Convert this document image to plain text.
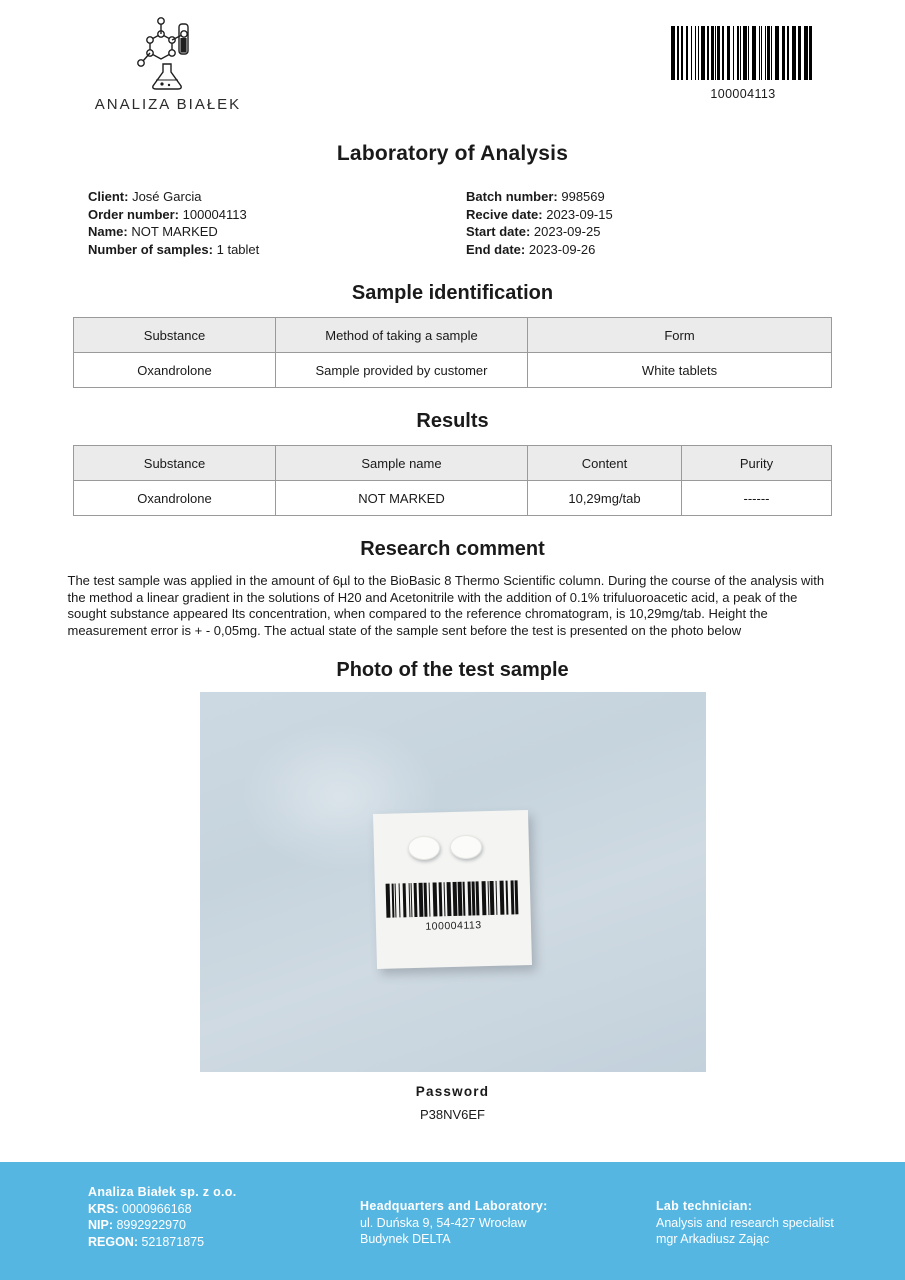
ANALIZA BIAŁEK
100004113
Laboratory of Analysis
Client: José Garcia
Order number: 100004113
Name: NOT MARKED
Number of samples: 1 tablet
Batch number: 998569
Recive date: 2023-09-15
Start date: 2023-09-25
End date: 2023-09-26
Sample identification
Substance	Method of taking a sample	Form
Oxandrolone	Sample provided by customer	White tablets
Results
Substance	Sample name	Content	Purity
Oxandrolone	NOT MARKED	10,29mg/tab	------
Research comment
The test sample was applied in the amount of 6µl to the BioBasic 8 Thermo Scientific column. During the course of the analysis with the method a linear gradient in the solutions of H20 and Acetonitrile with the addition of 0.1% trifuluoroacetic acid, a peak of the sought substance appeared Its concentration, when compared to the reference chromatogram, is 10,29mg/tab. Height the measurement error is + - 0,05mg. The actual state of the sample sent before the test is presented on the photo below
Photo of the test sample
100004113
Password
P38NV6EF
Analiza Białek sp. z o.o.
KRS: 0000966168
NIP: 8992922970
REGON: 521871875
Headquarters and Laboratory:
ul. Duńska 9, 54-427 Wrocław
Budynek DELTA
Lab technician:
Analysis and research specialist
mgr Arkadiusz Zając
